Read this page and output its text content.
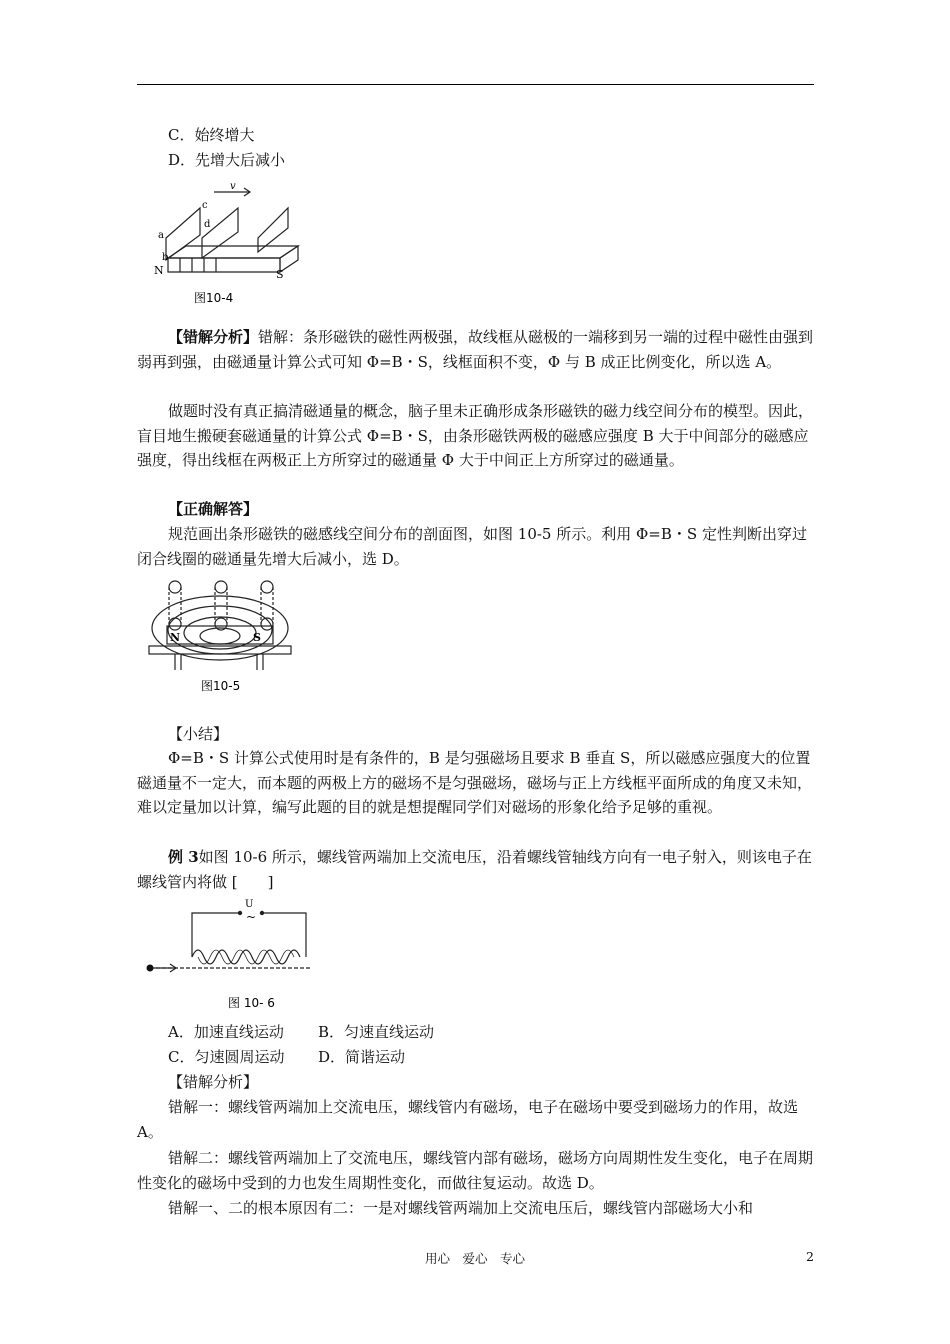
C．始终增大
D．先增大后减小
v
c
d
a
b
N	S
图10-4

【错解分析】错解：条形磁铁的磁性两极强，故线框从磁极的一端移到另一端的过程中磁性由强到弱再到强，由磁通量计算公式可知 Φ=B・S，线框面积不变，Φ 与 B 成正比例变化，所以选 A。

做题时没有真正搞清磁通量的概念，脑子里未正确形成条形磁铁的磁力线空间分布的模型。因此，盲目地生搬硬套磁通量的计算公式 Φ=B・S，由条形磁铁两极的磁感应强度 B 大于中间部分的磁感应强度，得出线框在两极正上方所穿过的磁通量 Φ 大于中间正上方所穿过的磁通量。

【正确解答】

规范画出条形磁铁的磁感线空间分布的剖面图，如图 10-5 所示。利用 Φ=B・S 定性判断出穿过闭合线圈的磁通量先增大后减小，选 D。

N	S
图10-5
【小结】

Φ=B・S 计算公式使用时是有条件的，B 是匀强磁场且要求 B 垂直 S，所以磁感应强度大的位置磁通量不一定大，而本题的两极上方的磁场不是匀强磁场，磁场与正上方线框平面所成的角度又未知，难以定量加以计算，编写此题的目的就是想提醒同学们对磁场的形象化给予足够的重视。

例 3如图 10-6 所示，螺线管两端加上交流电压，沿着螺线管轴线方向有一电子射入，则该电子在螺线管内将做 [　　]

U
~
图 10- 6
A．加速直线运动 B．匀速直线运动
C．匀速圆周运动 D．简谐运动
【错解分析】

错解一：螺线管两端加上交流电压，螺线管内有磁场，电子在磁场中要受到磁场力的作用，故选 A。

错解二：螺线管两端加上了交流电压，螺线管内部有磁场，磁场方向周期性发生变化，电子在周期性变化的磁场中受到的力也发生周期性变化，而做往复运动。故选 D。

错解一、二的根本原因有二：一是对螺线管两端加上交流电压后，螺线管内部磁场大小和

用心　爱心　专心	2
